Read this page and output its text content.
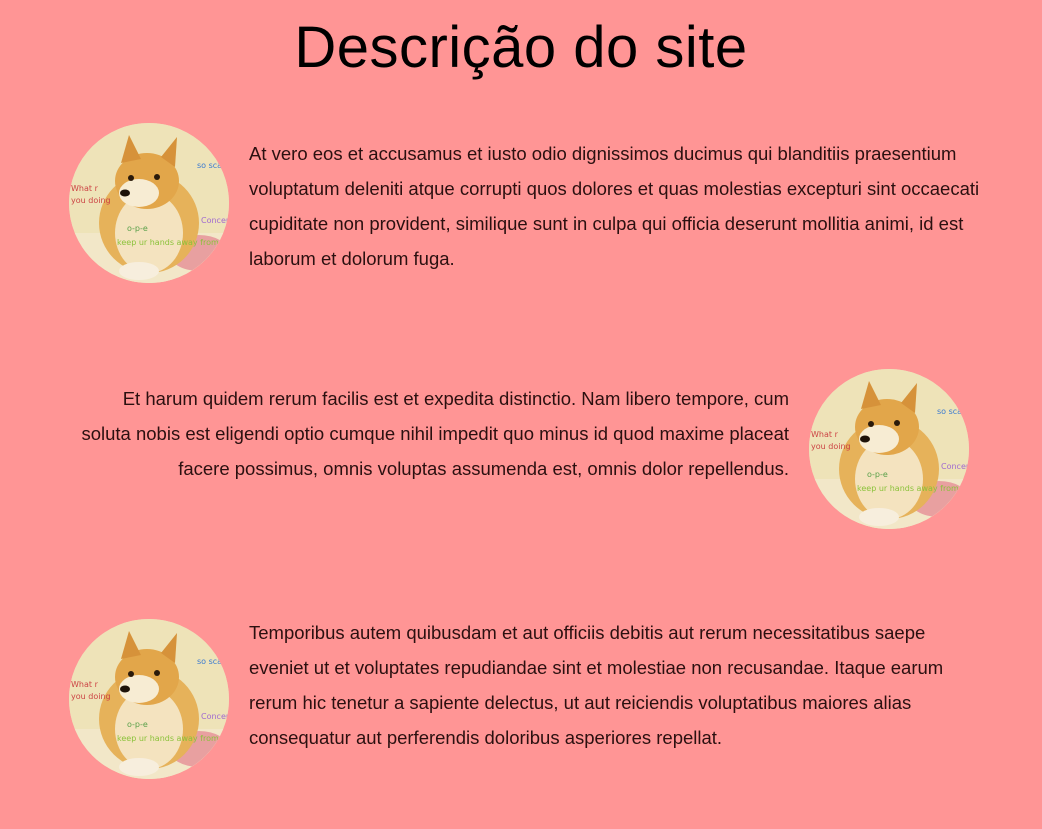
Descrição do site
What r
you doing
so sca
Concer
o-p-e
keep ur hands away from

At vero eos et accusamus et iusto odio dignissimos ducimus qui blanditiis praesentium voluptatum deleniti atque corrupti quos dolores et quas molestias excepturi sint occaecati cupiditate non provident, similique sunt in culpa qui officia deserunt mollitia animi, id est laborum et dolorum fuga.

Et harum quidem rerum facilis est et expedita distinctio. Nam libero tempore, cum soluta nobis est eligendi optio cumque nihil impedit quo minus id quod maxime placeat facere possimus, omnis voluptas assumenda est, omnis dolor repellendus.

What r
you doing
so sca
Concer
o-p-e
keep ur hands away from
What r
you doing
so sca
Concer
o-p-e
keep ur hands away from

Temporibus autem quibusdam et aut officiis debitis aut rerum necessitatibus saepe eveniet ut et voluptates repudiandae sint et molestiae non recusandae. Itaque earum rerum hic tenetur a sapiente delectus, ut aut reiciendis voluptatibus maiores alias consequatur aut perferendis doloribus asperiores repellat.
